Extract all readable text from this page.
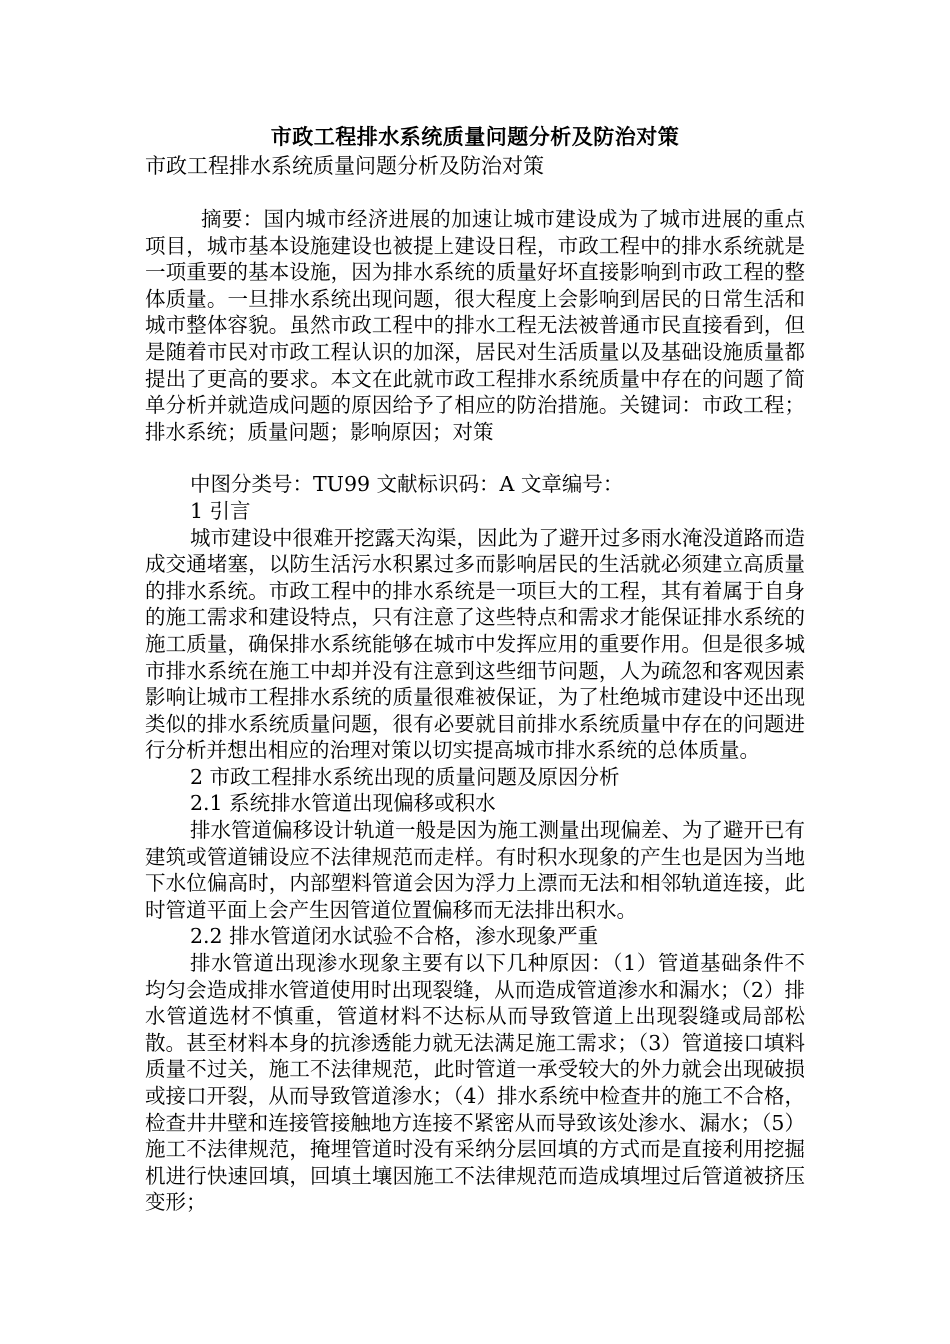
市政工程排水系统质量问题分析及防治对策
市政工程排水系统质量问题分析及防治对策

摘要：国内城市经济进展的加速让城市建设成为了城市进展的重点项目，城市基本设施建设也被提上建设日程，市政工程中的排水系统就是一项重要的基本设施，因为排水系统的质量好坏直接影响到市政工程的整体质量。一旦排水系统出现问题，很大程度上会影响到居民的日常生活和城市整体容貌。虽然市政工程中的排水工程无法被普通市民直接看到，但是随着市民对市政工程认识的加深，居民对生活质量以及基础设施质量都提出了更高的要求。本文在此就市政工程排水系统质量中存在的问题了简单分析并就造成问题的原因给予了相应的防治措施。关键词：市政工程；排水系统；质量问题；影响原因；对策

中图分类号：TU99 文献标识码：A 文章编号：

1 引言

城市建设中很难开挖露天沟渠，因此为了避开过多雨水淹没道路而造成交通堵塞，以防生活污水积累过多而影响居民的生活就必须建立高质量的排水系统。市政工程中的排水系统是一项巨大的工程，其有着属于自身的施工需求和建设特点，只有注意了这些特点和需求才能保证排水系统的施工质量，确保排水系统能够在城市中发挥应用的重要作用。但是很多城市排水系统在施工中却并没有注意到这些细节问题，人为疏忽和客观因素影响让城市工程排水系统的质量很难被保证，为了杜绝城市建设中还出现类似的排水系统质量问题，很有必要就目前排水系统质量中存在的问题进行分析并想出相应的治理对策以切实提高城市排水系统的总体质量。

2 市政工程排水系统出现的质量问题及原因分析

2.1 系统排水管道出现偏移或积水

排水管道偏移设计轨道一般是因为施工测量出现偏差、为了避开已有建筑或管道铺设应不法律规范而走样。有时积水现象的产生也是因为当地下水位偏高时，内部塑料管道会因为浮力上漂而无法和相邻轨道连接，此时管道平面上会产生因管道位置偏移而无法排出积水。

2.2 排水管道闭水试验不合格，渗水现象严重

排水管道出现渗水现象主要有以下几种原因：（1）管道基础条件不均匀会造成排水管道使用时出现裂缝，从而造成管道渗水和漏水；（2）排水管道选材不慎重，管道材料不达标从而导致管道上出现裂缝或局部松散。甚至材料本身的抗渗透能力就无法满足施工需求；（3）管道接口填料质量不过关，施工不法律规范，此时管道一承受较大的外力就会出现破损或接口开裂，从而导致管道渗水；（4）排水系统中检查井的施工不合格，检查井井壁和连接管接触地方连接不紧密从而导致该处渗水、漏水；（5）施工不法律规范，掩埋管道时没有采纳分层回填的方式而是直接利用挖掘机进行快速回填，回填土壤因施工不法律规范而造成填埋过后管道被挤压变形；
